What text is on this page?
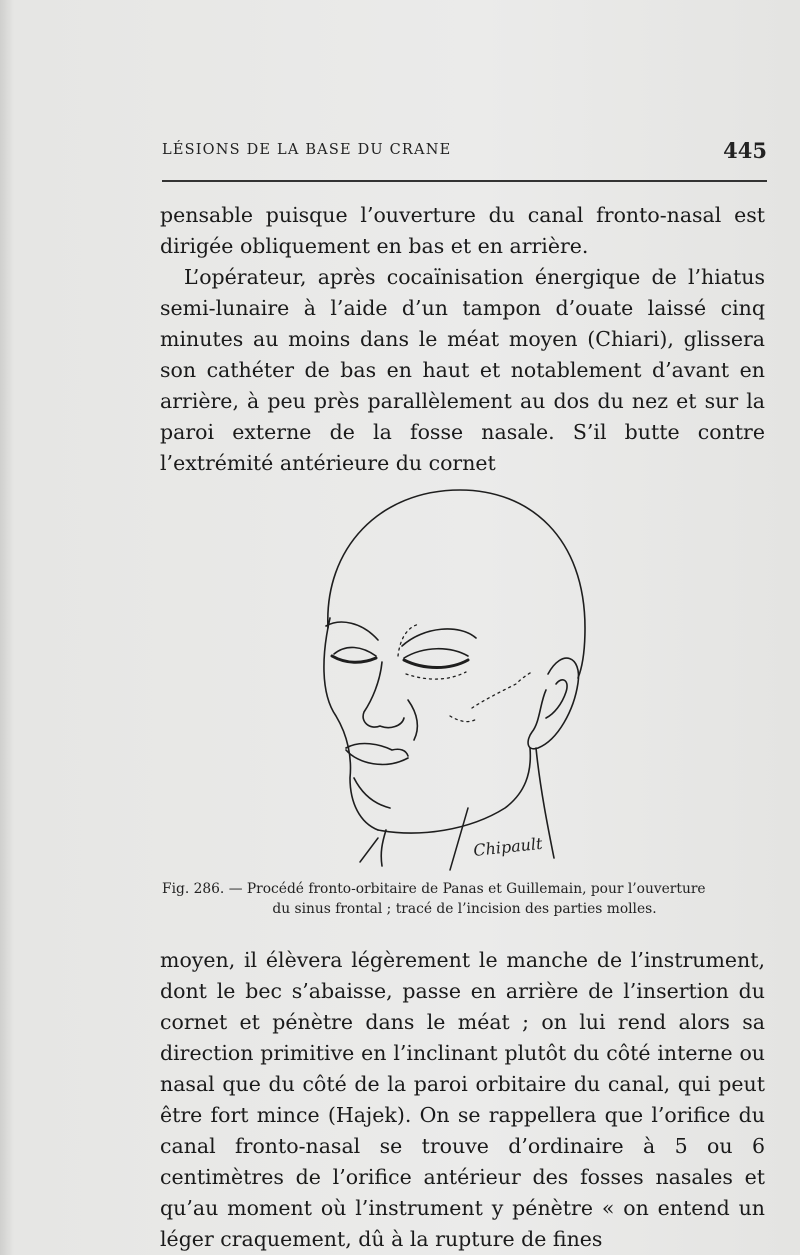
LÉSIONS DE LA BASE DU CRANE	445

pensable puisque l’ouverture du canal fronto-nasal est dirigée obliquement en bas et en arrière.

L’opérateur, après cocaïnisation énergique de l’hiatus semi-lunaire à l’aide d’un tampon d’ouate laissé cinq minutes au moins dans le méat moyen (Chiari), glissera son cathéter de bas en haut et notablement d’avant en arrière, à peu près parallèlement au dos du nez et sur la paroi externe de la fosse nasale. S’il butte contre l’extrémité antérieure du cornet

Chipault
Fig. 286. — Procédé fronto-orbitaire de Panas et Guillemain, pour l’ouverture
du sinus frontal ; tracé de l’incision des parties molles.

moyen, il élèvera légèrement le manche de l’instrument, dont le bec s’abaisse, passe en arrière de l’insertion du cornet et pénètre dans le méat ; on lui rend alors sa direction primitive en l’inclinant plutôt du côté interne ou nasal que du côté de la paroi orbitaire du canal, qui peut être fort mince (Hajek). On se rappellera que l’orifice du canal fronto-nasal se trouve d’ordinaire à 5 ou 6 centimètres de l’orifice antérieur des fosses nasales et qu’au moment où l’instrument y pénètre « on entend un léger craquement, dû à la rupture de fines
